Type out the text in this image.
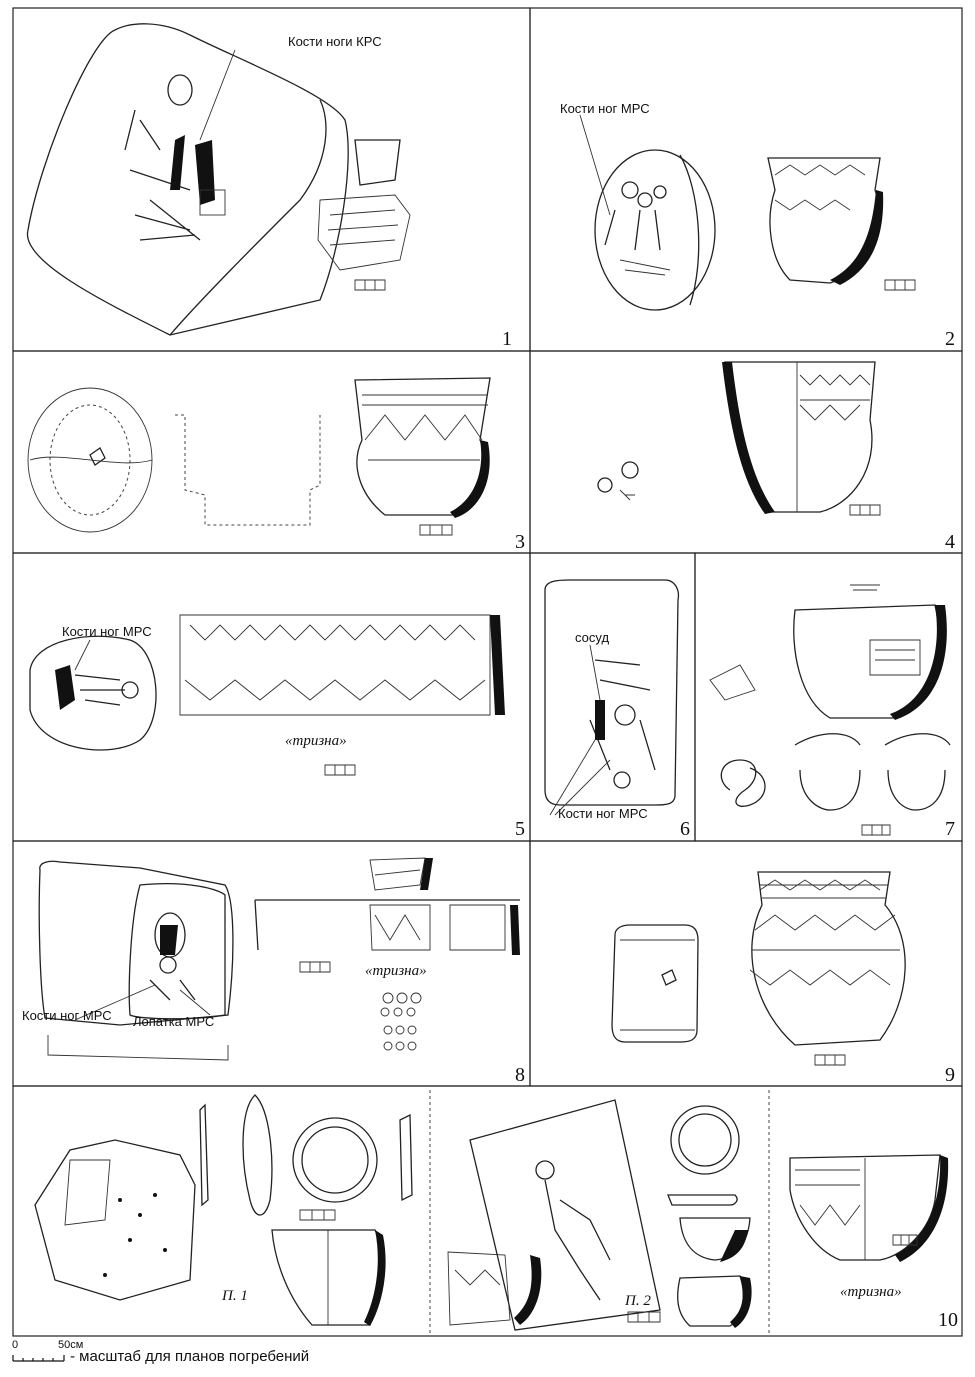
Кости ноги КРС
1
Кости ног МРС
2
3	4
Кости ног МРС
«тризна»
5
сосуд
Кости ног МРС
6	7
Кости ног МРС Лопатка МРС
«тризна»
8	9
П. 1	П. 2
«тризна»
10
0	50см
- масштаб для планов погребений
